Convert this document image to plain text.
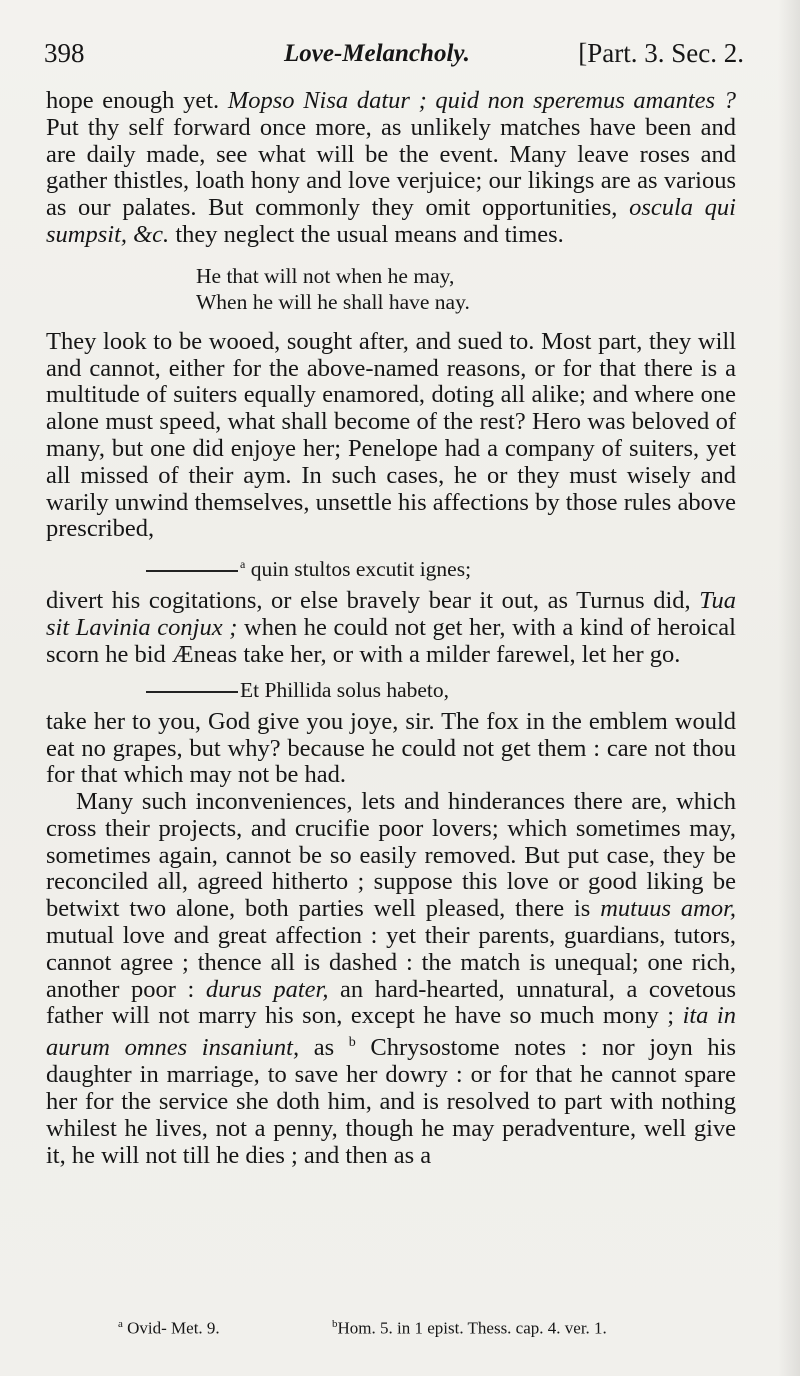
398	Love-Melancholy.	[Part. 3. Sec. 2.

hope enough yet. Mopso Nisa datur ; quid non speremus amantes ? Put thy self forward once more, as unlikely matches have been and are daily made, see what will be the event. Many leave roses and gather thistles, loath hony and love verjuice; our likings are as various as our palates. But commonly they omit opportunities, oscula qui sumpsit, &c. they neglect the usual means and times.

He that will not when he may,
When he will he shall have nay.

They look to be wooed, sought after, and sued to. Most part, they will and cannot, either for the above-named reasons, or for that there is a multitude of suiters equally enamored, doting all alike; and where one alone must speed, what shall become of the rest? Hero was beloved of many, but one did enjoye her; Penelope had a company of suiters, yet all missed of their aym. In such cases, he or they must wisely and warily unwind themselves, unsettle his affections by those rules above prescribed,

$^a$ quin stultos excutit ignes;

divert his cogitations, or else bravely bear it out, as Turnus did, Tua sit Lavinia conjux ; when he could not get her, with a kind of heroical scorn he bid Æneas take her, or with a milder farewel, let her go.

Et Phillida solus habeto,

take her to you, God give you joye, sir. The fox in the emblem would eat no grapes, but why? because he could not get them : care not thou for that which may not be had.

Many such inconveniences, lets and hinderances there are, which cross their projects, and crucifie poor lovers; which sometimes may, sometimes again, cannot be so easily removed. But put case, they be reconciled all, agreed hitherto ; suppose this love or good liking be betwixt two alone, both parties well pleased, there is mutuus amor, mutual love and great affection : yet their parents, guardians, tutors, cannot agree ; thence all is dashed : the match is unequal; one rich, another poor : durus pater, an hard-hearted, unnatural, a covetous father will not marry his son, except he have so much mony ; ita in aurum omnes insaniunt, as $^b$ Chrysostome notes : nor joyn his daughter in marriage, to save her dowry : or for that he cannot spare her for the service she doth him, and is resolved to part with nothing whilest he lives, not a penny, though he may peradventure, well give it, he will not till he dies ; and then as a

$^a$ Ovid- Met. 9.	$^b$Hom. 5. in 1 epist. Thess. cap. 4. ver. 1.
